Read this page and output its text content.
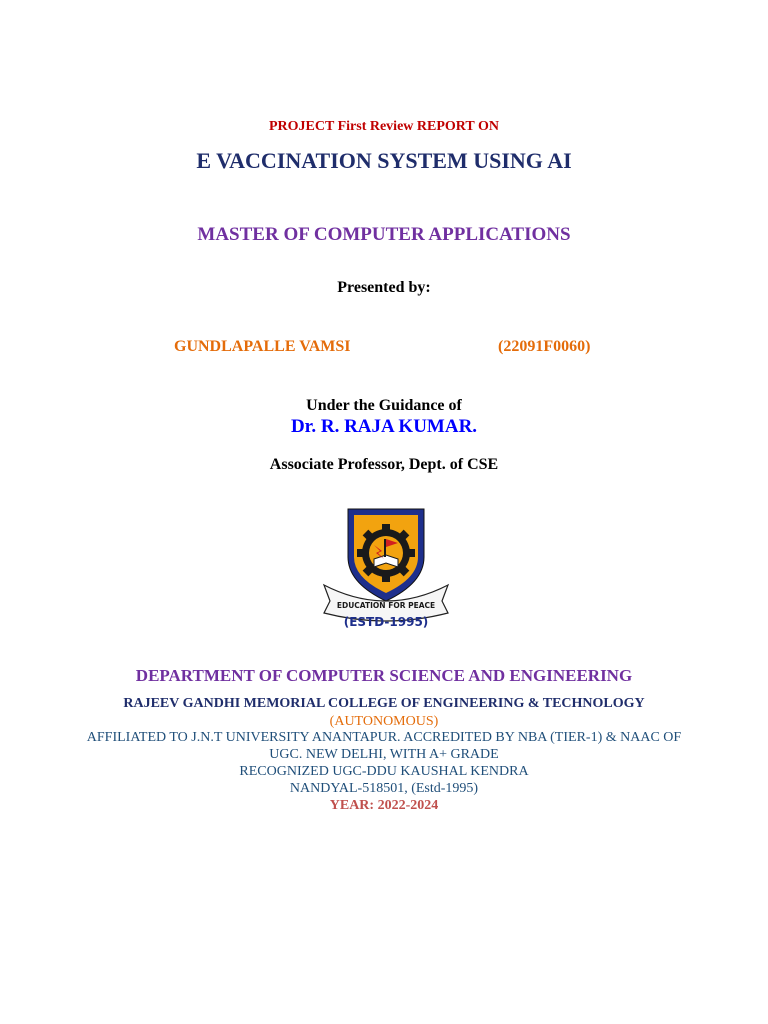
PROJECT First Review REPORT ON
E VACCINATION SYSTEM USING AI
MASTER OF COMPUTER APPLICATIONS
Presented by:
GUNDLAPALLE VAMSI	(22091F0060)
Under the Guidance of
Dr. R. RAJA KUMAR.
Associate Professor, Dept. of CSE
EDUCATION FOR PEACE
(ESTD-1995)
DEPARTMENT OF COMPUTER SCIENCE AND ENGINEERING
RAJEEV GANDHI MEMORIAL COLLEGE OF ENGINEERING & TECHNOLOGY
(AUTONOMOUS)
AFFILIATED TO J.N.T UNIVERSITY ANANTAPUR. ACCREDITED BY NBA (TIER-1) & NAAC OF
UGC. NEW DELHI, WITH A+ GRADE
RECOGNIZED UGC-DDU KAUSHAL KENDRA
NANDYAL-518501, (Estd-1995)
YEAR: 2022-2024
